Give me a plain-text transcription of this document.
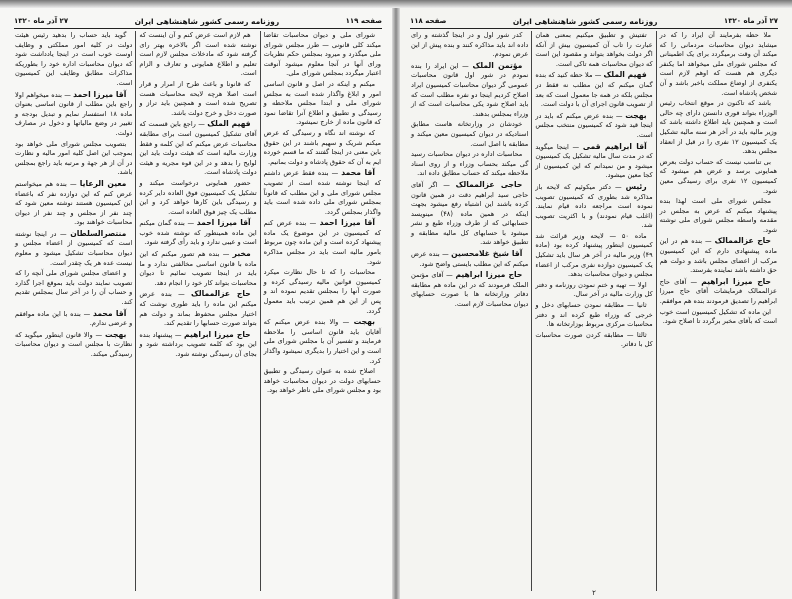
صفحه ۱۱۹
روزنامه رسمی کشور شاهنشاهی ایران
۲۷ آذر ماه ۱۳۲۰

شورای ملی و دیوان محاسبات تقاضا میکند کلی قانونی — طرز مجلس شورای ملی میگذرد و میرود بمجلس حکم نظریات ورای آنها در آنجا معلوم میشود آنوقت اعتبار میگردد بمجلس شورای ملی.

میکنم و اینکه در اصل و قانون اساسی امور و ابلاغ واگذار شده است به مجلس شورای ملی و ابتدا مجلس ملاحظه و رسیدگی و تطبیق و اطلاع آنرا تقاضا نمود که قانون ماده از خارج نمیشود.

که نوشته اند نگاه و رسیدگی که عرض میکنم شریک و سهیم باشند در این حقوق باین معنی در اینجا گفتند که ما قسم خورده ایم به آن که حقوق پادشاه و دولت بمانیم.

آقا محمد — بنده فقط عرض داشتم که اینجا نوشته شده است از تصویب مجلس شورای ملی و این مطلب که قانوناً بمجلس شورای ملی داده شده است باید واگذار بمجلس گردد.

آقا میرزا احمد — بنده عرض کنم که کمیسیون در این موضوع یک ماده پیشنهاد کرده است و این ماده چون مربوط بامور مالیه است باید در مجلس مذاکره شود.

محاسبات را که تا حال نظارت میکرد کمیسیون قوانین مالیه رسیدگی کرده و صورت آنها را بمجلس تقدیم نموده اند و پس از این هم همین ترتیب باید معمول گردد.

بهجت — والا بنده عرض میکنم که آقایان باید قانون اساسی را ملاحظه فرمایند و تفسیر آن با مجلس شورای ملی است و این اختیار را بدیگری نمیشود واگذار کرد.

اصلاح شده به عنوان رسیدگی و تطبیق حسابهای دولت در دیوان محاسبات خواهد بود و مجلس شورای ملی ناظر خواهد بود.

هم لازم است عرض کنم و آن اینست که نوشته شده است اگر بالاخره بهتر رای گرفته شود که مادخلات مجلس لازم است تعلیم و اطلاع همایونی و تعارف و الزام است.

که قانونا و باعث طرح از امرار و قرار است اصلا هرچه لایحه محاسبات هست تصریح شده است و همچنین باید تراز و صورت دخل و خرج دولت باشد.

فهیم الملک — راجع باین قسمت که آقای تشکیل کمیسیون است برای مطابقه محاسبات عرض میکنم که این کلمه و فقط وزارت مالیه است که هیئت دولت باید این لوایح را بدهد و در این قوه مجریه و هیئت دولت پادشاه است.

حضور همایونی درخواست میکند و تشکیل یک کمیسیون فوق العاده دایر کرده و رسیدگی باین کارها خواهد کرد و این مطلب یک چیز فوق العاده است.

آقا میرزا احمد — بنده گمان میکنم این ماده همینطور که نوشته شده خوب است و عیبی ندارد و باید رأی گرفته شود.

مخبر — بنده هم تصور میکنم که این ماده با قانون اساسی مخالفتی ندارد و ما باید در اینجا تصویب نمائیم تا دیوان محاسبات بتواند کار خود را انجام دهد.

حاج عزالممالک — بنده عرض میکنم این ماده را باید طوری نوشت که اختیار مجلس محفوظ بماند و دولت هم بتواند صورت حسابها را تقدیم کند.

حاج میرزا ابراهیم — پیشنهاد بنده این بود که کلمه تصویب برداشته شود و بجای آن رسیدگی نوشته شود.

گوید باید حساب را بدهید رئیس هیئت دولت در کلیه امور مملکتی و وظایف اوست خوب است در اینجا یادداشت شود که دیوان محاسبات اداره خود را بطوریکه مذاکرات مطابق وظایف این کمیسیون است.

آقا میرزا احمد — بنده میخواهم اولا راجع باین مطلب از قانون اساسی بعنوان ماده ۱۸ استفسار نمایم و تبدیل بودجه و تغییر در وضع مالیاتها و دخول در مصارف دولت.

بتصویب مجلس شورای ملی خواهد بود بموجب این اصل کلیه امور مالیه و نظارت در آن از هر جهة و مرتبه باید راجع بمجلس باشد.

معین الرعایا — بنده هم میخواستم عرض کنم که این دوازده نفر که باعضاء این کمیسیون هستند نوشته معین شود که چند نفر از مجلس و چند نفر از دیوان محاسبات خواهند بود.

منتصرالسلطان — در اینجا نوشته است که کمیسیون از اعضاء مجلس و دیوان محاسبات تشکیل میشود و معلوم نیست عده هر یک چقدر است.

و اعضای مجلس شورای ملی آنچه را که تصویب نمایند دولت باید بموقع اجرا گذارد و حساب آن را در آخر سال بمجلس تقدیم کند.

آقا محمد — بنده با این ماده موافقم و عرضی ندارم.

بهجت — والا قانون اینطور میگوید که نظارت با مجلس است و دیوان محاسبات رسیدگی میکند.

۲۷ آذر ماه ۱۳۲۰
روزنامه رسمی کشور شاهنشاهی ایران
صفحه ۱۱۸

ملا حظه بفرمایند آن ایراد را که در میشاید دیوان محاسبات مردمانی را که میکند آن وقت برمیگردد برای یک اطمینانی که مجلس شورای ملی میخواهد اما یکنفر دیگری هم هست که اوهم لازم است یکنفری از اوضاع مملکت باخبر باشد و آن شخص پادشاه است.

باشد که تاکنون در موقع انتخاب رئیس الوزراء بتواند فوری دانستن دارای چه حالی است و همچنین باید اطلاع داشته باشد که وزیر مالیه باید در آخر هر سنه مالیه تشکیل یک کمیسیون ۱۲ نفری را در قبل از انعقاد مجلس بدهد.

بی تناسب نیست که حساب دولت بعرض همایونی برسد و عرض هم میشود که کمیسیون ۱۲ نفری برای رسیدگی معین شود.

مجلس شورای ملی است لهذا بنده پیشنهاد میکنم که عرض به مجلس در مقدمه واسطه مجلس شورای ملی نوشته شود.

حاج عزالممالک — بنده هم در این ماده پیشنهادی دارم که این کمیسیون مرکب از اعضای مجلس باشد و دولت هم حق داشته باشد نماینده بفرستد.

حاج میرزا ابراهیم — آقای حاج عزالممالک فرمایشات آقای حاج میرزا ابراهیم را تصدیق فرمودند بنده هم موافقم.

این ماده که تشکیل کمیسیون است خوب است که بآقای مخبر برگردد تا اصلاح شود.

تفتیش و تطبیق میکنیم بمعنی همان عبارت را تاب آن کمیسیون بیش از آنکه اگر دولت بخواهد بتواند و مقصود این است که دیوان محاسبات همه تاکی است.

فهیم الملک — ملا حظه کنید که بنده گمان میکنم که این مطلب نه فقط در مجلس بلکه در همه جا معمول است که بعد از تصویب قانون اجرای آن با دولت است.

بهجت — بنده عرض میکنم که باید در اینجا قید شود که کمیسیون منتخب مجلس است.

آقا ابراهیم قمی — اینجا میگوید که در مدت سال مالیه تشکیل یک کمیسیون میشود و من نمیدانم که این کمیسیون از کجا معین میشود.

رئیس — دکتر میکوئیم که لایحه باز مذاکره شد بطوری که کمیسیون تصویب نموده است مراجعه داده قیام نمایند. (اغلب قیام نمودند) و با اکثریت تصویب شد.

ماده ۵۰ — لایحه وزیر قرائت شد کمیسیون اینطور پیشنهاد کرده بود (ماده ۴۹) وزیر مالیه در آخر هر سال باید تشکیل یک کمیسیون دوازده نفری مرکب از اعضاء مجلس و دیوان محاسبات بدهد.

اولا — تهیه و ختم نمودن روزنامه و دفتر کل وزارت مالیه در آخر سال.

ثانیا — مطابقه نمودن حسابهای دخل و خرجی که وزراء طبع کرده اند و دفتر محاسبات مرکزی مربوط بوزارتخانه ها.

ثالثا — مطابقه کردن صورت محاسبات کل با دفاتر.

کدر شور اول و در اینجا گذشته و رای داده اند باید مذاکره کنند و بنده پیش از این عرض نمودم.

مؤتمن الملک — این ایراد را بنده نمودم در شور اول قانون محاسبات عمومی گر دیوان محاسبات کمیسیون ایراد اصلاح کردیم اینجا دو نفره مطلب است که باید اصلاح شود یکی محاسبات است که از وزراء بمجلس بدهند.

خودشان در وزارتخانه هاست مطابق اسنادیکه در دیوان کمیسیون معین میکند و مطابقه با اصل است.

محاسبات اداره در دیوان محاسبات رسید گی میکند بحساب وزراء و از روی اسناد ملاحظه میکند که حساب مطابق داده اند.

حاجی عزالممالک — اگر آقای حاجی سید ابراهیم دقت در همین قانون کرده باشند این اشتباه رفع میشود بجهت اینکه در همین ماده (۴۸) مینویسد حسابهائی که از طرف وزراء طبع و نشر میشود با حسابهای کل مالیه مطابقه و تطبیق خواهد شد.

آقا شیخ غلامحسین — بنده عرض میکنم که این مطلب بایستی واضح شود.

حاج میرزا ابراهیم — آقای مؤتمن الملک فرمودند که در این ماده هم مطابقه دفاتر وزارتخانه ها با صورت حسابهای دیوان محاسبات لازم است.

۲
